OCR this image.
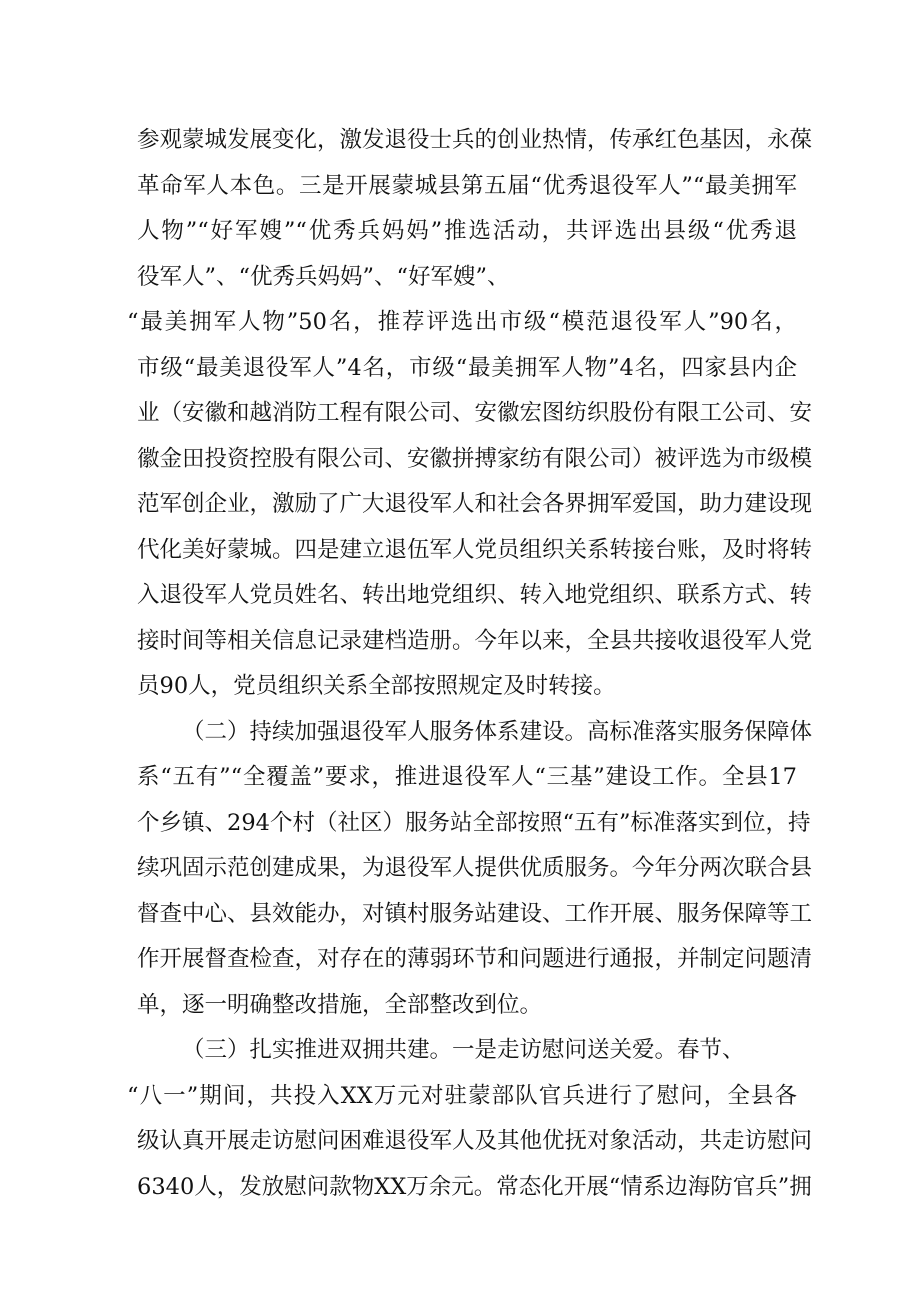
参观蒙城发展变化，激发退役士兵的创业热情，传承红色基因，永葆
革命军人本色。三是开展蒙城县第五届“优秀退役军人”“最美拥军
人物”“好军嫂”“优秀兵妈妈”推选活动，共评选出县级“优秀退
役军人”、“优秀兵妈妈”、“好军嫂”、
“最美拥军人物”50名，推荐评选出市级“模范退役军人”90名，
市级“最美退役军人”4名，市级“最美拥军人物”4名，四家县内企
业（安徽和越消防工程有限公司、安徽宏图纺织股份有限工公司、安
徽金田投资控股有限公司、安徽拼搏家纺有限公司）被评选为市级模
范军创企业，激励了广大退役军人和社会各界拥军爱国，助力建设现
代化美好蒙城。四是建立退伍军人党员组织关系转接台账，及时将转
入退役军人党员姓名、转出地党组织、转入地党组织、联系方式、转
接时间等相关信息记录建档造册。今年以来，全县共接收退役军人党
员90人，党员组织关系全部按照规定及时转接。
（二）持续加强退役军人服务体系建设。高标准落实服务保障体
系“五有”“全覆盖”要求，推进退役军人“三基”建设工作。全县17
个乡镇、294个村（社区）服务站全部按照“五有”标准落实到位，持
续巩固示范创建成果，为退役军人提供优质服务。今年分两次联合县
督查中心、县效能办，对镇村服务站建设、工作开展、服务保障等工
作开展督查检查，对存在的薄弱环节和问题进行通报，并制定问题清
单，逐一明确整改措施，全部整改到位。
（三）扎实推进双拥共建。一是走访慰问送关爱。春节、
“八一”期间，共投入XX万元对驻蒙部队官兵进行了慰问，全县各
级认真开展走访慰问困难退役军人及其他优抚对象活动，共走访慰问
6340人，发放慰问款物XX万余元。常态化开展“情系边海防官兵”拥
